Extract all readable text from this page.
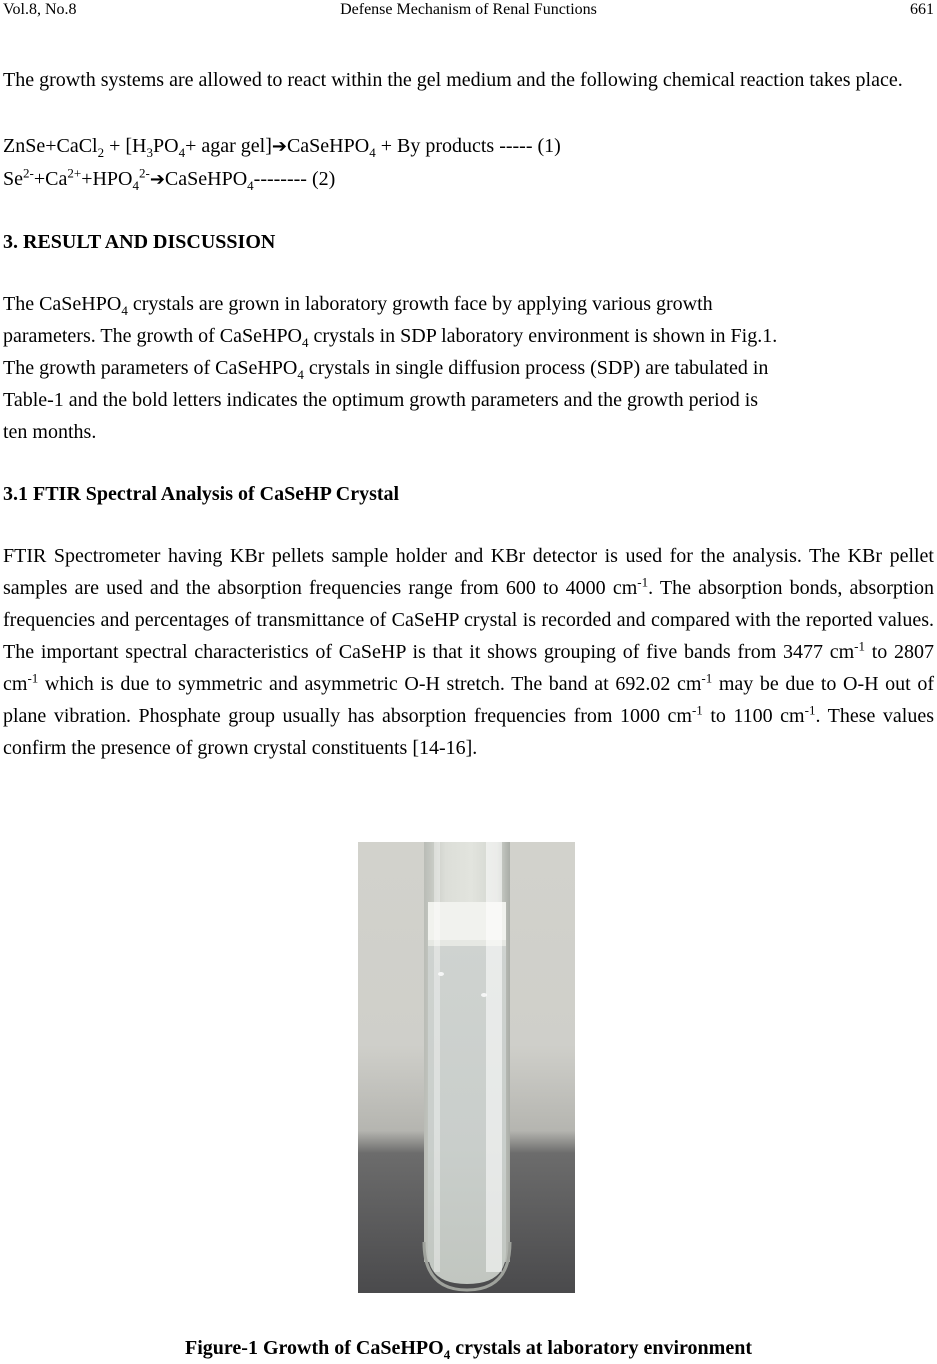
Vol.8, No.8	Defense Mechanism of Renal Functions	661

The growth systems are allowed to react within the gel medium and the following chemical reaction takes place.

ZnSe+CaCl$_2$ + [$H_3PO_4+$ agar gel]➔CaSeHPO$_4$ + By products ----- (1)

$Se^{2-}+Ca^{2+}+HPO_4^{2-}➔CaSeHPO_4--------$ (2)

3. RESULT AND DISCUSSION

The CaSeHPO$_4$ crystals are grown in laboratory growth face by applying various growth

parameters. The growth of CaSeHPO$_4$ crystals in SDP laboratory environment is shown in Fig.1.

The growth parameters of CaSeHPO$_4$ crystals in single diffusion process (SDP) are tabulated in

Table-1 and the bold letters indicates the optimum growth parameters and the growth period is

ten months.

3.1 FTIR Spectral Analysis of CaSeHP Crystal

FTIR Spectrometer having KBr pellets sample holder and KBr detector is used for the analysis. The KBr pellet samples are used and the absorption frequencies range from 600 to 4000 $cm^{-1}$. The absorption bonds, absorption frequencies and percentages of transmittance of CaSeHP crystal is recorded and compared with the reported values. The important spectral characteristics of CaSeHP is that it shows grouping of five bands from 3477 $cm^{-1}$ to 2807 $cm^{-1}$ which is due to symmetric and asymmetric O-H stretch. The band at 692.02 $cm^{-1}$ may be due to O-H out of plane vibration. Phosphate group usually has absorption frequencies from 1000 $cm^{-1}$ to 1100 $cm^{-1}$. These values confirm the presence of grown crystal constituents [14-16].

Figure-1 Growth of CaSeHPO$_4$ crystals at laboratory environment
